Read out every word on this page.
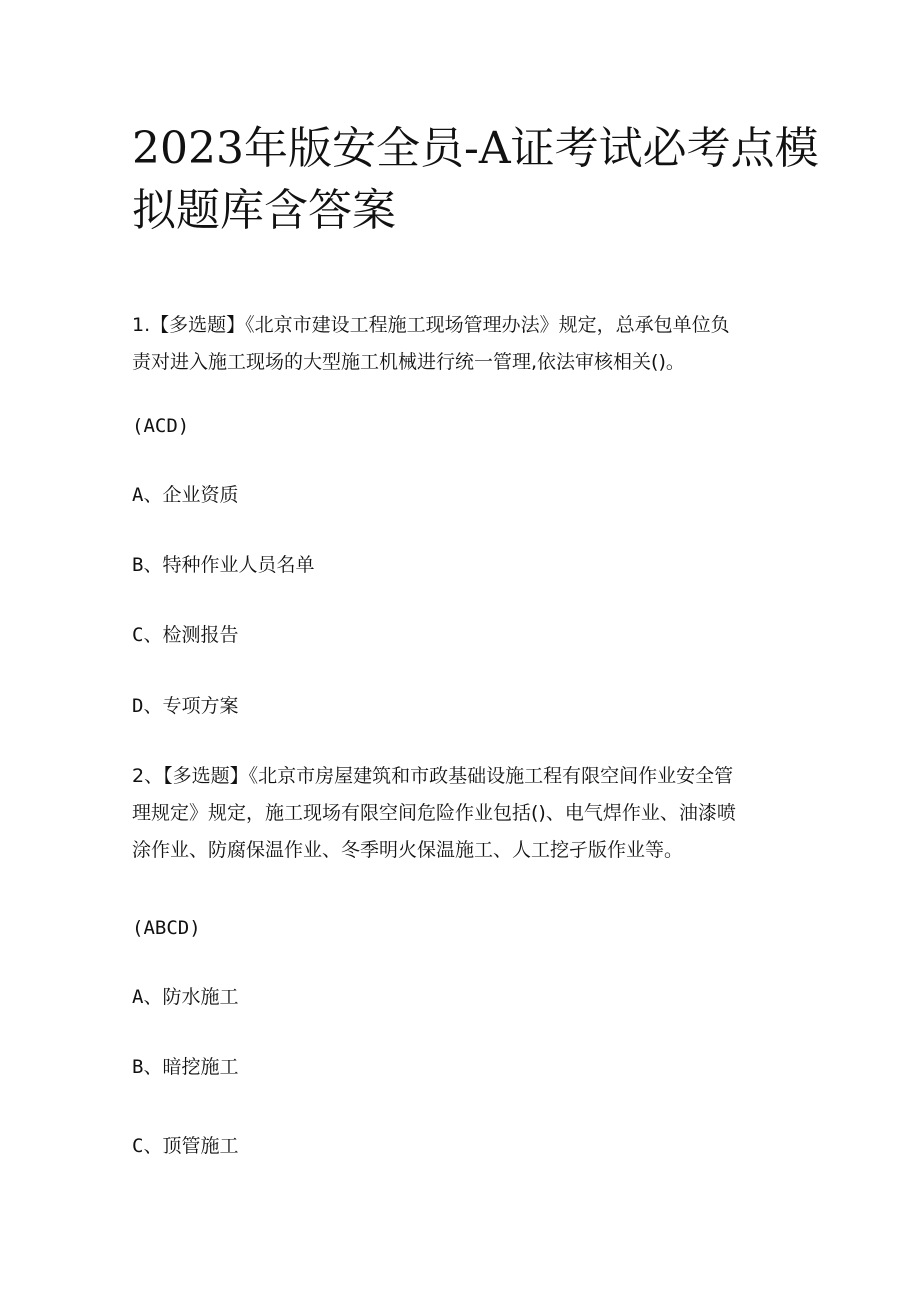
2023年版安全员-A证考试必考点模
拟题库含答案
1.【多选题】《北京市建设工程施工现场管理办法》规定，总承包单位负
责对进入施工现场的大型施工机械进行统一管理,依法审核相关()。
(ACD)
A、企业资质
B、特种作业人员名单
C、检测报告
D、专项方案
2、【多选题】《北京市房屋建筑和市政基础设施工程有限空间作业安全管
理规定》规定，施工现场有限空间危险作业包括()、电气焊作业、油漆喷
涂作业、防腐保温作业、冬季明火保温施工、人工挖孑版作业等。
(ABCD)
A、防水施工
B、暗挖施工
C、顶管施工
